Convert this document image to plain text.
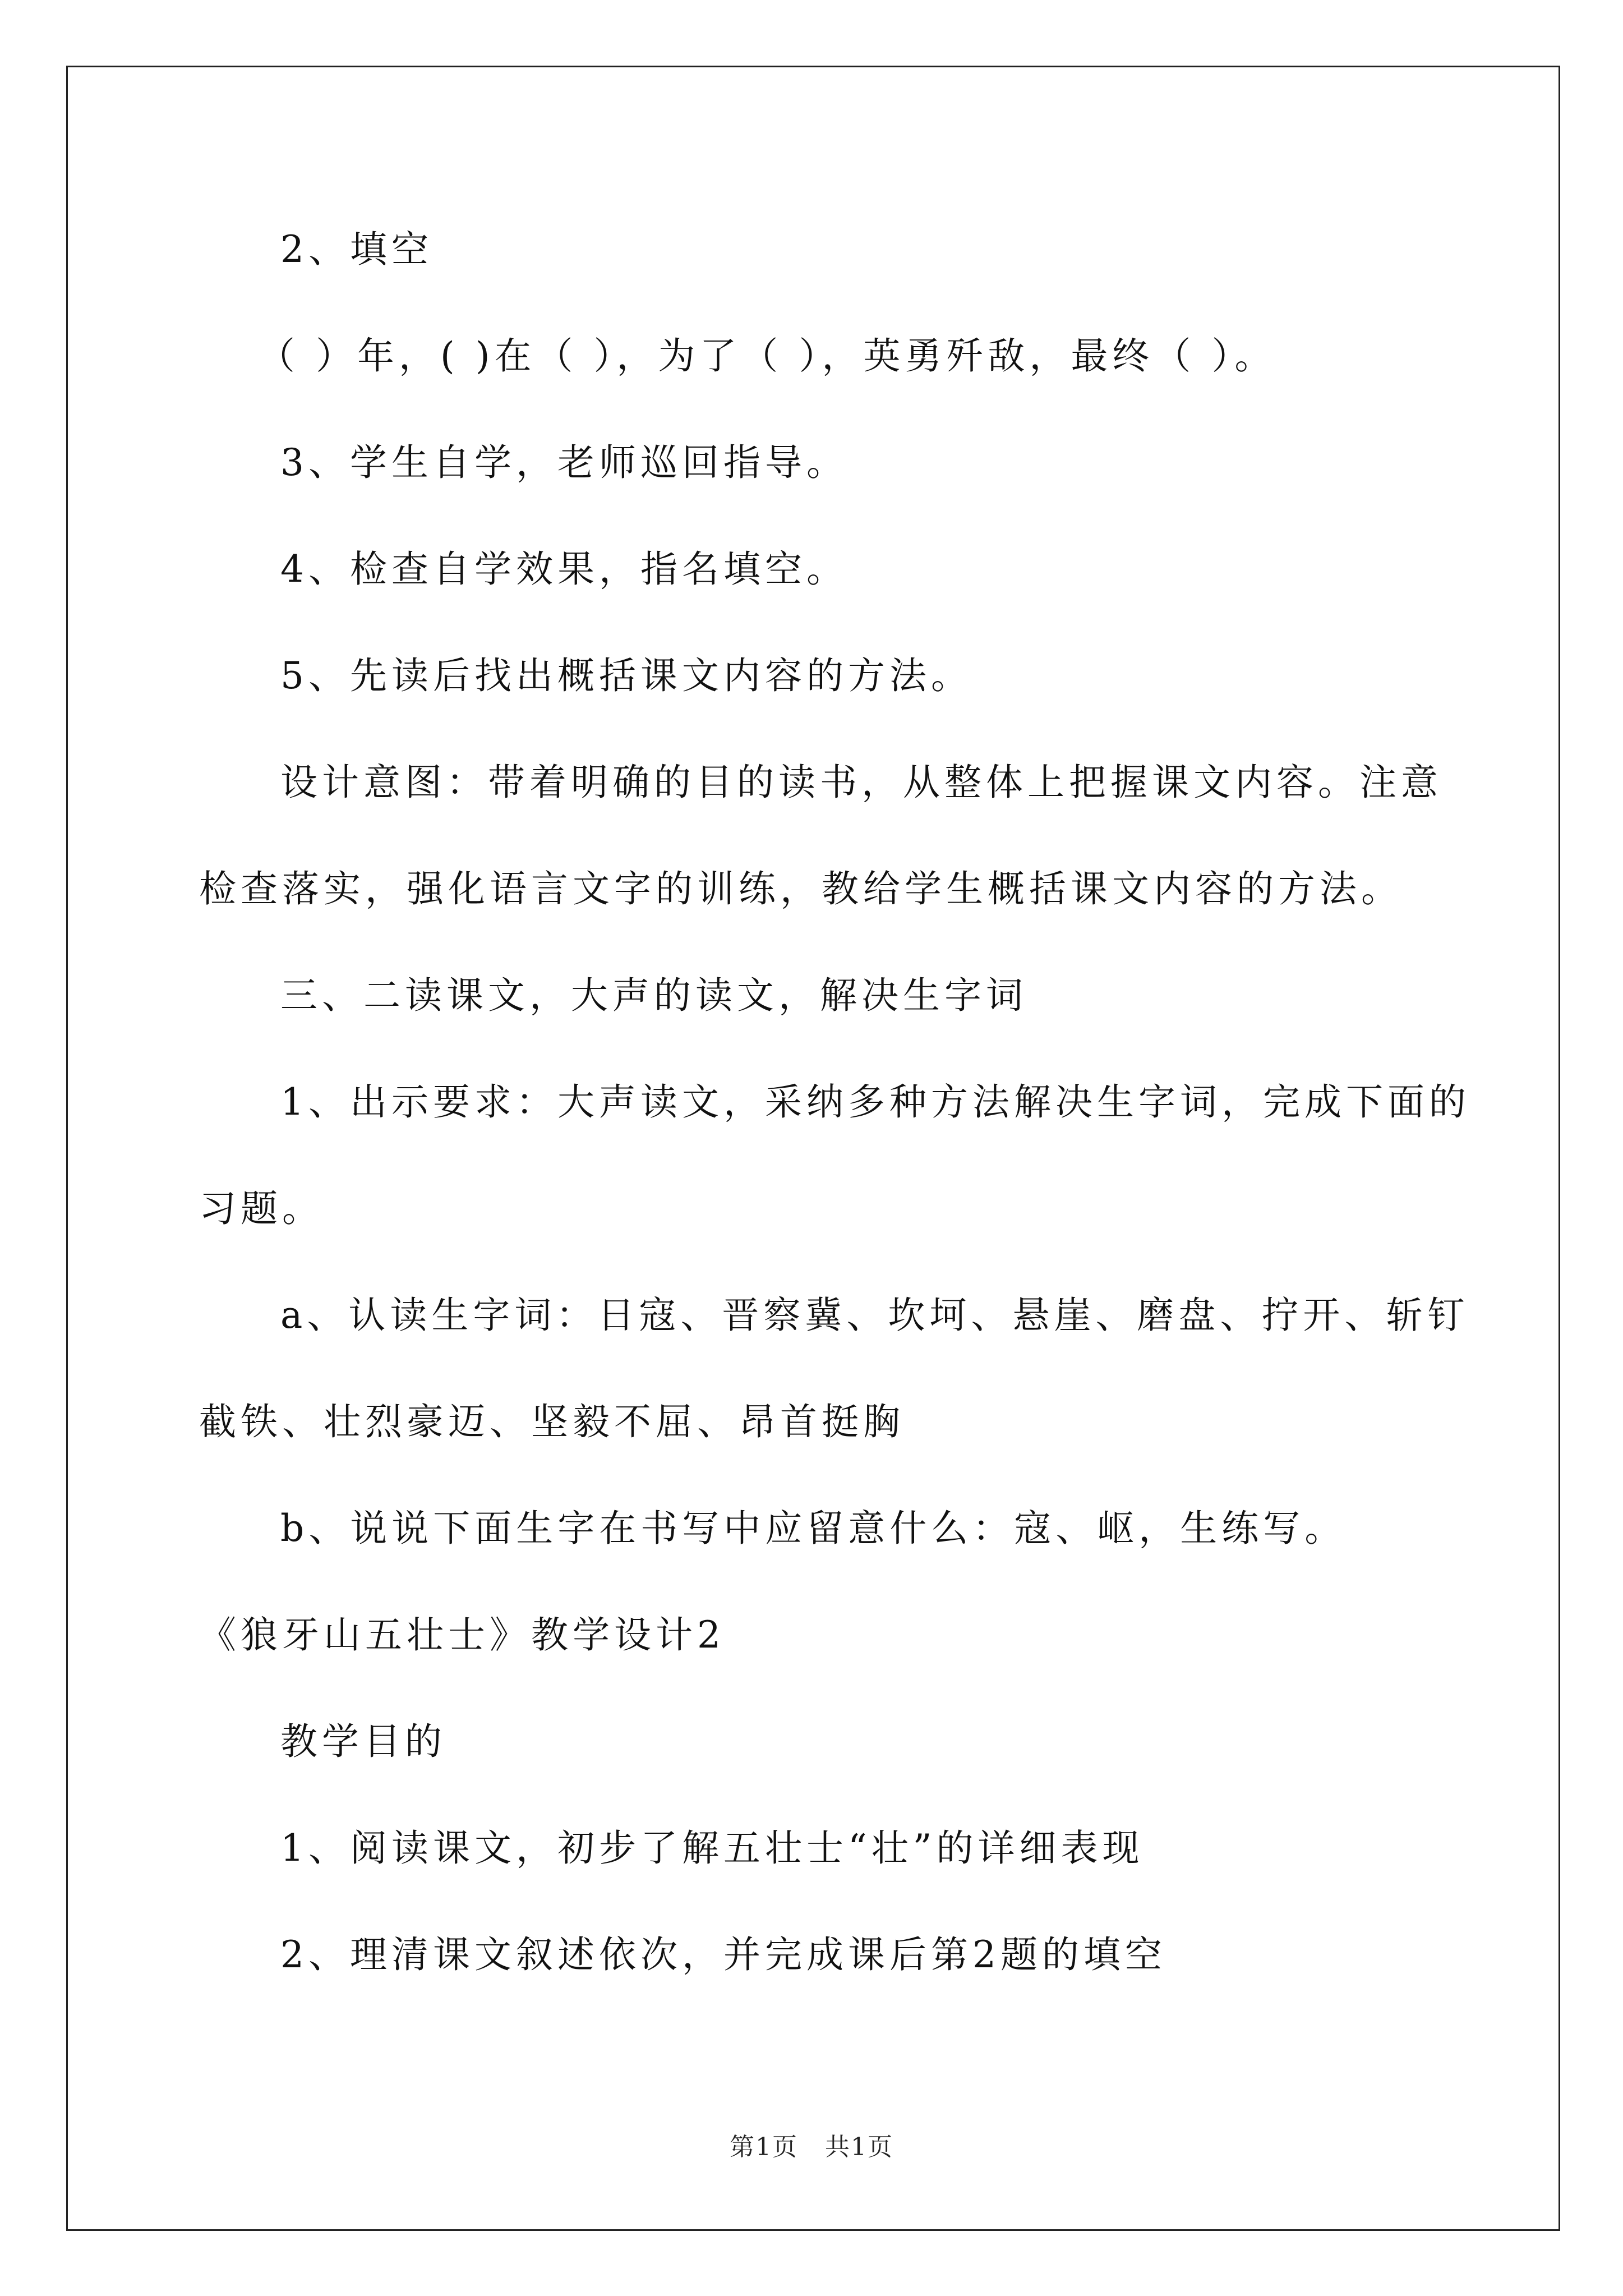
2、填空
（ ）年，( )在（ ），为了（ ），英勇歼敌，最终（ ）。
3、学生自学，老师巡回指导。
4、检查自学效果，指名填空。
5、先读后找出概括课文内容的方法。
设计意图：带着明确的目的读书，从整体上把握课文内容。注意
检查落实，强化语言文字的训练，教给学生概括课文内容的方法。
三、二读课文，大声的读文，解决生字词
1、出示要求：大声读文，采纳多种方法解决生字词，完成下面的
习题。
a、认读生字词：日寇、晋察冀、坎坷、悬崖、磨盘、拧开、斩钉
截铁、壮烈豪迈、坚毅不屈、昂首挺胸
b、说说下面生字在书写中应留意什么：寇、岖，生练写。
《狼牙山五壮士》教学设计2
教学目的
1、阅读课文，初步了解五壮士“壮”的详细表现
2、理清课文叙述依次，并完成课后第2题的填空
第1页 共1页
